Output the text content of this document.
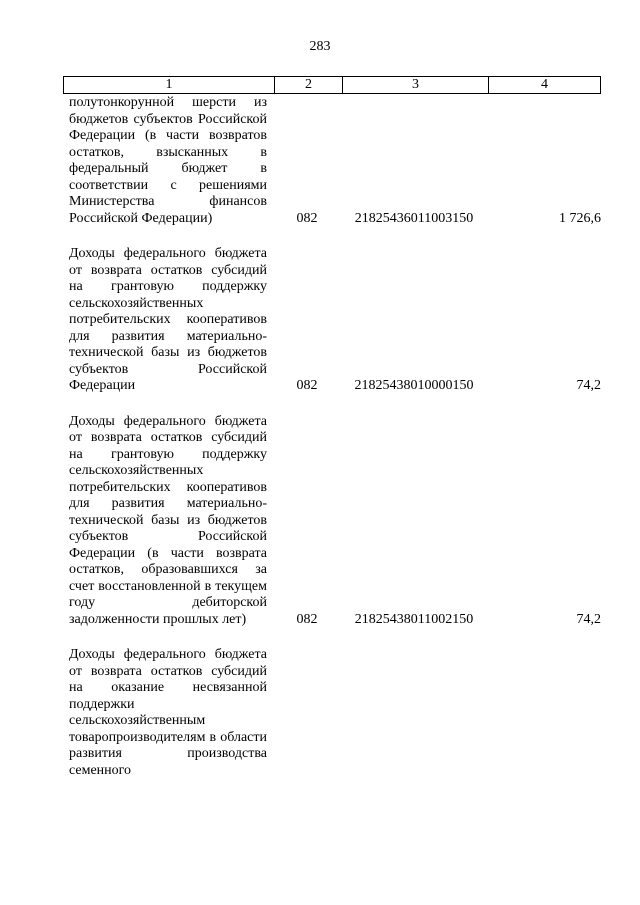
283
1	2	3	4
полутонкорунной шерсти из бюджетов субъектов Российской Федерации (в части возвратов остатков, взысканных в федеральный бюджет в соответствии с решениями Министерства финансов Российской Федерации)	082	21825436011003150	1 726,6
Доходы федерального бюджета от возврата остатков субсидий на грантовую поддержку сельскохозяйственных потребительских кооперативов для развития материально-технической базы из бюджетов субъектов Российской Федерации	082	21825438010000150	74,2
Доходы федерального бюджета от возврата остатков субсидий на грантовую поддержку сельскохозяйственных потребительских кооперативов для развития материально-технической базы из бюджетов субъектов Российской Федерации (в части возврата остатков, образовавшихся за счет восстановленной в текущем году дебиторской задолженности прошлых лет)	082	21825438011002150	74,2
Доходы федерального бюджета от возврата остатков субсидий на оказание несвязанной поддержки сельскохозяйственным товаропроизводителям в области развития производства семенного
